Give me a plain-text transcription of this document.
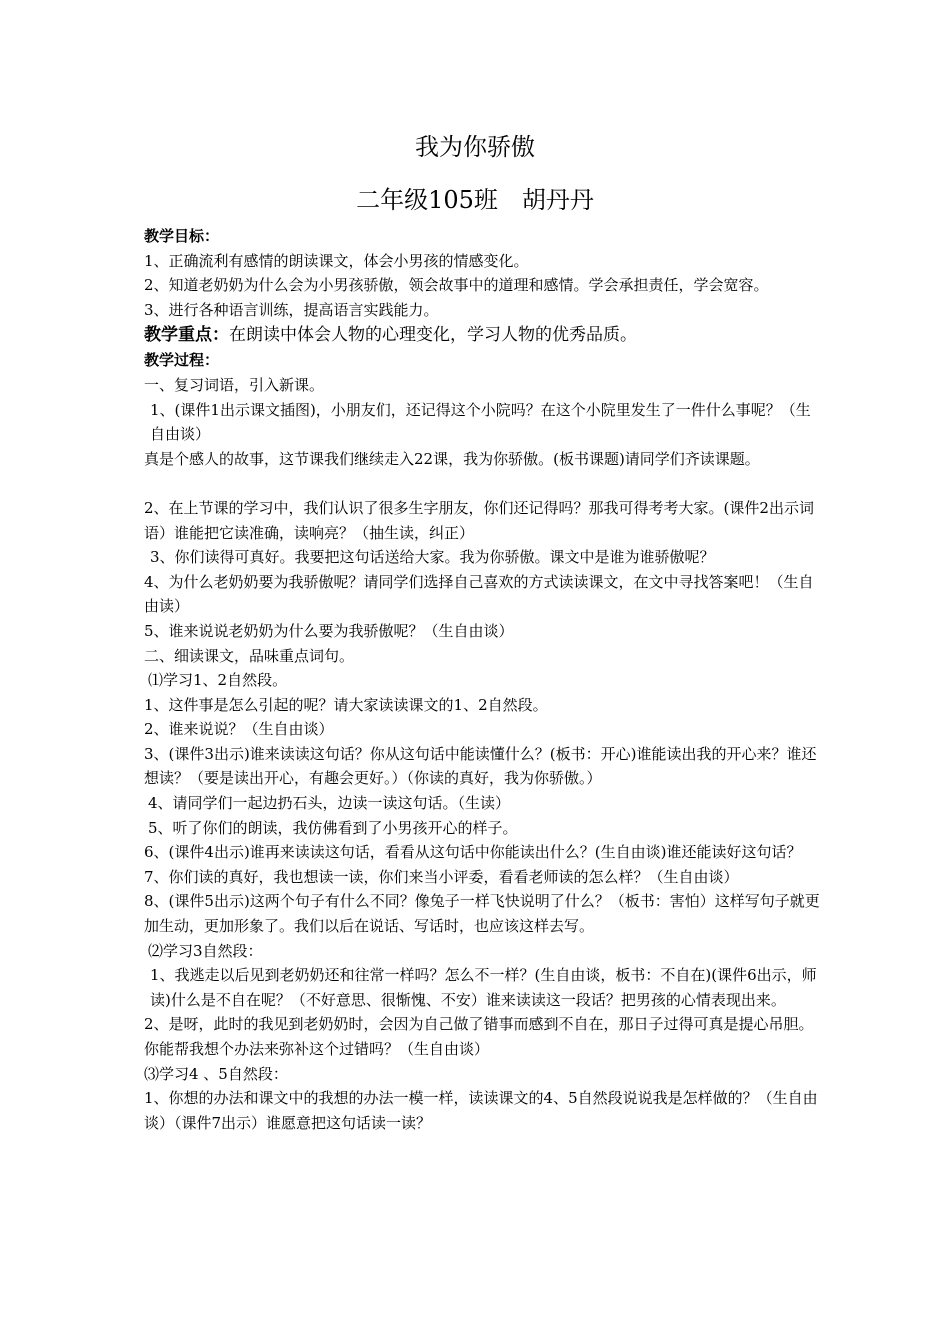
我为你骄傲
二年级105班　胡丹丹

教学目标：

1、正确流利有感情的朗读课文，体会小男孩的情感变化。

2、知道老奶奶为什么会为小男孩骄傲，领会故事中的道理和感情。学会承担责任，学会宽容。

3、进行各种语言训练，提高语言实践能力。

教学重点：在朗读中体会人物的心理变化，学习人物的优秀品质。

教学过程：

一、复习词语，引入新课。

1、(课件1出示课文插图)，小朋友们，还记得这个小院吗？在这个小院里发生了一件什么事呢？（生自由谈）

真是个感人的故事，这节课我们继续走入22课，我为你骄傲。(板书课题)请同学们齐读课题。

2、在上节课的学习中，我们认识了很多生字朋友，你们还记得吗？那我可得考考大家。(课件2出示词语）谁能把它读准确，读响亮？（抽生读，纠正）

3、你们读得可真好。我要把这句话送给大家。我为你骄傲。课文中是谁为谁骄傲呢？

4、为什么老奶奶要为我骄傲呢？请同学们选择自己喜欢的方式读读课文，在文中寻找答案吧！（生自由读）

5、谁来说说老奶奶为什么要为我骄傲呢？（生自由谈）

二、细读课文，品味重点词句。

⑴学习1、2自然段。

1、这件事是怎么引起的呢？请大家读读课文的1、2自然段。

2、谁来说说？（生自由谈）

3、(课件3出示)谁来读读这句话？你从这句话中能读懂什么？(板书：开心)谁能读出我的开心来？谁还想读？（要是读出开心，有趣会更好。）（你读的真好，我为你骄傲。）

4、请同学们一起边扔石头，边读一读这句话。（生读）

5、听了你们的朗读，我仿佛看到了小男孩开心的样子。

6、(课件4出示)谁再来读读这句话，看看从这句话中你能读出什么？(生自由谈)谁还能读好这句话？

7、你们读的真好，我也想读一读，你们来当小评委，看看老师读的怎么样？（生自由谈）

8、(课件5出示)这两个句子有什么不同？像兔子一样飞快说明了什么？（板书：害怕）这样写句子就更加生动，更加形象了。我们以后在说话、写话时，也应该这样去写。

⑵学习3自然段：

1、我逃走以后见到老奶奶还和往常一样吗？怎么不一样？(生自由谈，板书：不自在)(课件6出示，师读)什么是不自在呢？（不好意思、很惭愧、不安）谁来读读这一段话？把男孩的心情表现出来。

2、是呀，此时的我见到老奶奶时，会因为自己做了错事而感到不自在，那日子过得可真是提心吊胆。你能帮我想个办法来弥补这个过错吗？（生自由谈）

⑶学习4 、5自然段：

1、你想的办法和课文中的我想的办法一模一样，读读课文的4、5自然段说说我是怎样做的？（生自由谈）（课件7出示）谁愿意把这句话读一读？
